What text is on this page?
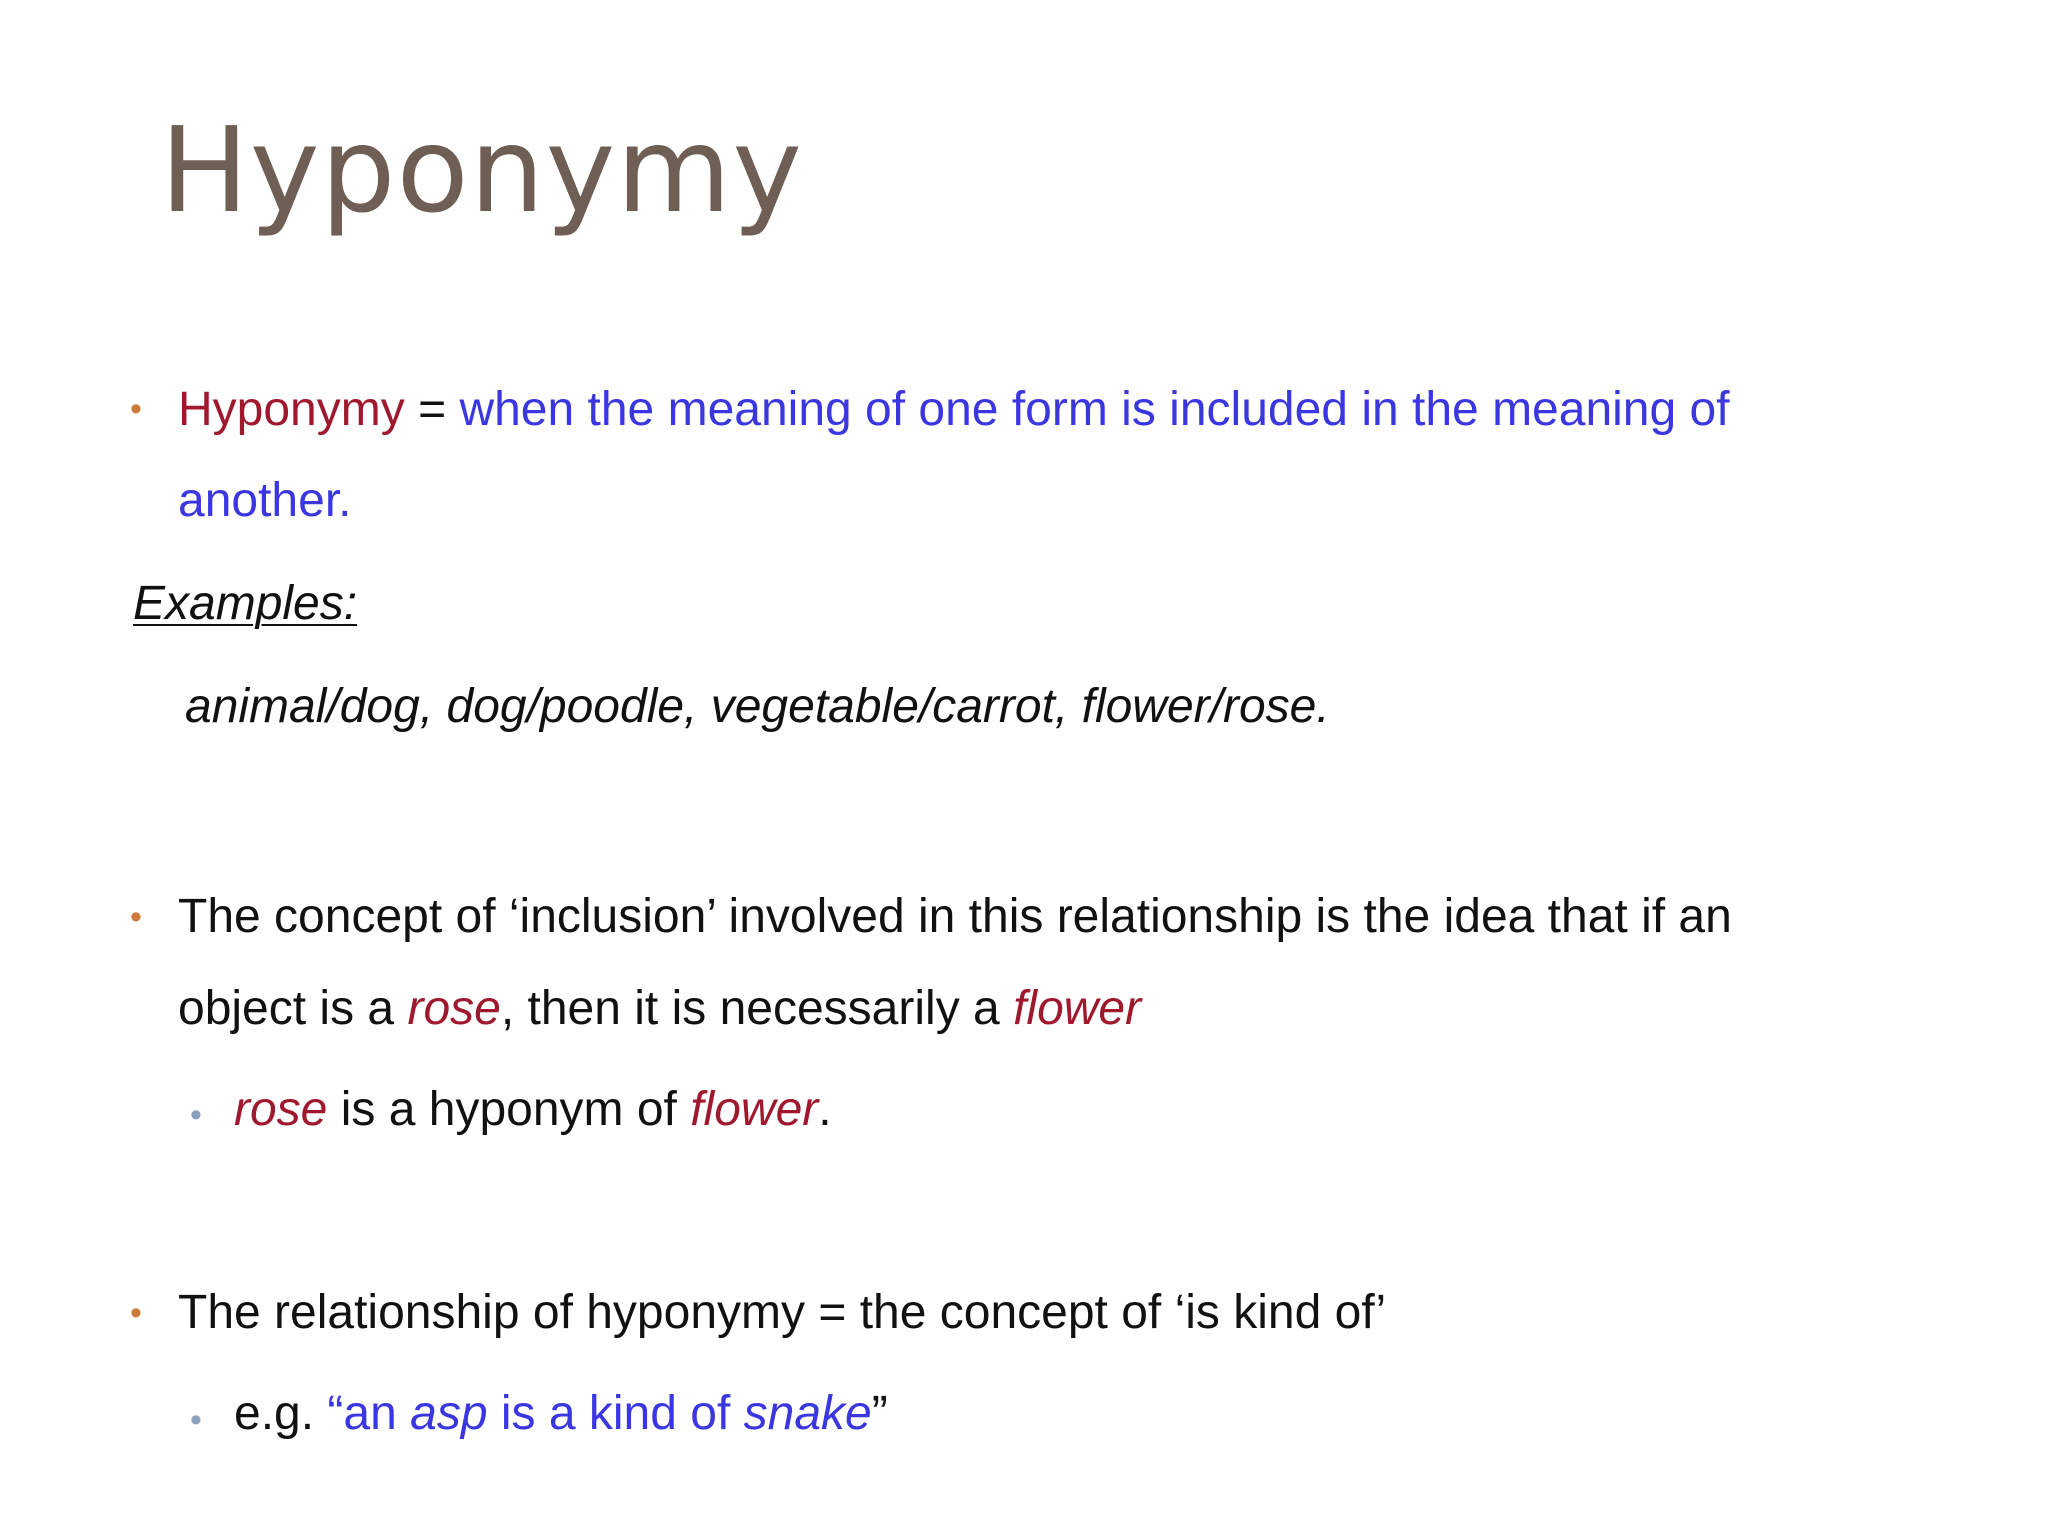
Hyponymy
• Hyponymy = when the meaning of one form is included in the meaning of
another.
Examples:
animal/dog, dog/poodle, vegetable/carrot, flower/rose.
• The concept of ‘inclusion’ involved in this relationship is the idea that if an
object is a rose, then it is necessarily a flower
• rose is a hyponym of flower.
• The relationship of hyponymy = the concept of ‘is kind of’
• e.g. “an asp is a kind of snake”
